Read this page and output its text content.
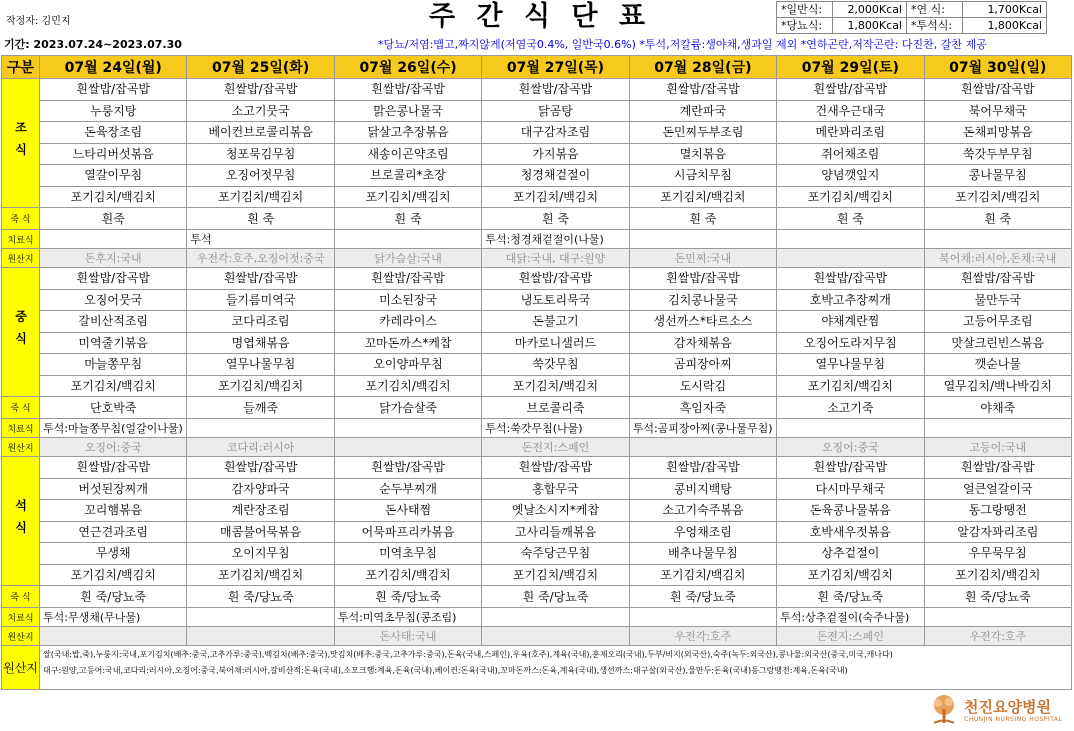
작정자: 김민지	주 간 식 단 표	*일반식:	2,000Kcal	*연 식:	1,700Kcal
*당뇨식:	1,800Kcal	*투석식:	1,800Kcal
기간: 2023.07.24~2023.07.30	*당뇨/저염:맵고,짜지않게(저염국0.4%, 일반국0.6%) *투석,저칼륨:생야채,생과일 제외 *연하곤란,저작곤란: 다진찬, 갈찬 제공
구분	07월 24일(월)	07월 25일(화)	07월 26일(수)	07월 27일(목)	07월 28일(금)	07월 29일(토)	07월 30일(일)
조식	흰쌀밥/잡곡밥	흰쌀밥/잡곡밥	흰쌀밥/잡곡밥	흰쌀밥/잡곡밥	흰쌀밥/잡곡밥	흰쌀밥/잡곡밥	흰쌀밥/잡곡밥
	누룽지탕	소고기뭇국	맑은콩나물국	닭곰탕	계란파국	건새우근대국	북어무채국
	돈육장조림	베이컨브로콜리볶음	닭살고추장볶음	대구감자조림	돈민찌두부조림	메란꽈리조림	돈채피망볶음
	느타리버섯볶음	청포묵김무침	새송이곤약조림	가지볶음	멸치볶음	쥐어채조림	쑥갓두부무침
	열갈이무침	오징어젓무침	브로콜리*초장	청경채겉절이	시금치무침	양념깻잎지	콩나물무침
	포기김치/백김치	포기김치/백김치	포기김치/백김치	포기김치/백김치	포기김치/백김치	포기김치/백김치	포기김치/백김치
죽 식	흰죽	흰 죽	흰 죽	흰 죽	흰 죽	흰 죽	흰 죽
치료식		투석		투석:청경채겉절이(나물)			
원산지	돈후지:국내	우전각:호주,오징어젓:중국	닭가슴살:국내	대닭:국내, 대구:원양	돈민찌:국내		북어채:러시아,돈채:국내
중식	흰쌀밥/잡곡밥	흰쌀밥/잡곡밥	흰쌀밥/잡곡밥	흰쌀밥/잡곡밥	흰쌀밥/잡곡밥	흰쌀밥/잡곡밥	흰쌀밥/잡곡밥
	오징어뭇국	들기름미역국	미소된장국	냉도토리묵국	김치콩나물국	호박고추장찌개	물만두국
	갈비산적조림	코다리조림	카레라이스	돈불고기	생선까스*타르소스	야채계란찜	고등어무조림
	미역줄기볶음	명엽채볶음	꼬마돈까스*케찹	마카로니샐러드	감자채볶음	오징어도라지무침	맛살크린빈스볶음
	마늘쫑무침	열무나물무침	오이양파무침	쑥갓무침	곰피장아찌	열무나물무침	깻순나물
	포기김치/백김치	포기김치/백김치	포기김치/백김치	포기김치/백김치	도시락김	포기김치/백김치	열무김치/백나박김치
죽 식	단호박죽	들깨죽	닭가슴살죽	브로콜리죽	흑임자죽	소고기죽	야채죽
치료식	투석:마늘쫑무침(얼갈이나물)			투석:쑥갓무침(나물)	투석:곰피장아찌(콩나물무침)		
원산지	오징어:중국	코다리:러시아		돈전지:스페인		오징어:중국	고등어:국내
석식	흰쌀밥/잡곡밥	흰쌀밥/잡곡밥	흰쌀밥/잡곡밥	흰쌀밥/잡곡밥	흰쌀밥/잡곡밥	흰쌀밥/잡곡밥	흰쌀밥/잡곡밥
	버섯된장찌개	감자양파국	순두부찌개	홍합무국	콩비지백탕	다시마무채국	얼큰얼갈이국
	꼬리햄볶음	계란장조림	돈사태찜	옛날소시지*케찹	소고기숙주볶음	돈육콩나물볶음	동그랑땡전
	연근견과조림	매콤불어묵볶음	어묵파프리카볶음	고사리들깨볶음	우엉채조림	호박새우젓볶음	알감자꽈리조림
	무생채	오이지무침	미역초무침	숙주당근무침	배추나물무침	상추겉절이	우무묵무침
	포기김치/백김치	포기김치/백김치	포기김치/백김치	포기김치/백김치	포기김치/백김치	포기김치/백김치	포기김치/백김치
죽 식	흰 죽/당뇨죽	흰 죽/당뇨죽	흰 죽/당뇨죽	흰 죽/당뇨죽	흰 죽/당뇨죽	흰 죽/당뇨죽	흰 죽/당뇨죽
치료식	투석:무생채(무나물)		투석:미역초무침(콩조림)			투석:상추겉절이(숙주나물)	
원산지			돈사태:국내		우전각:호주	돈전지:스페인	우전각:호주
원산지	쌀(국내:밥,죽),누룽지:국내,포기김치(배추:중국,고추가루:중국),백김치(배추:중국),맛김치(배추:중국,고추가루:중국),돈육(국내,스페인),우육(호주),계육(국내),훈제오리(국내),두부/비지(외국산),숙주(녹두:외국산),콩나물:외국산(중국,미국,캐나다)
대구:원양,고등어:국내,코다리:러시아,오징어:중국,북어채:러시아,갈비산적:돈육(국내),소모크햄:계육,돈육(국내),베이컨:돈육(국내),꼬마돈까스:돈육,계육(국내),생선까스:대구살(외국산),물만두:돈육(국내)동그랑땡전:계육,돈육(국내)						
천진요양병원
CHUNJIN NURSING HOSPITAL
